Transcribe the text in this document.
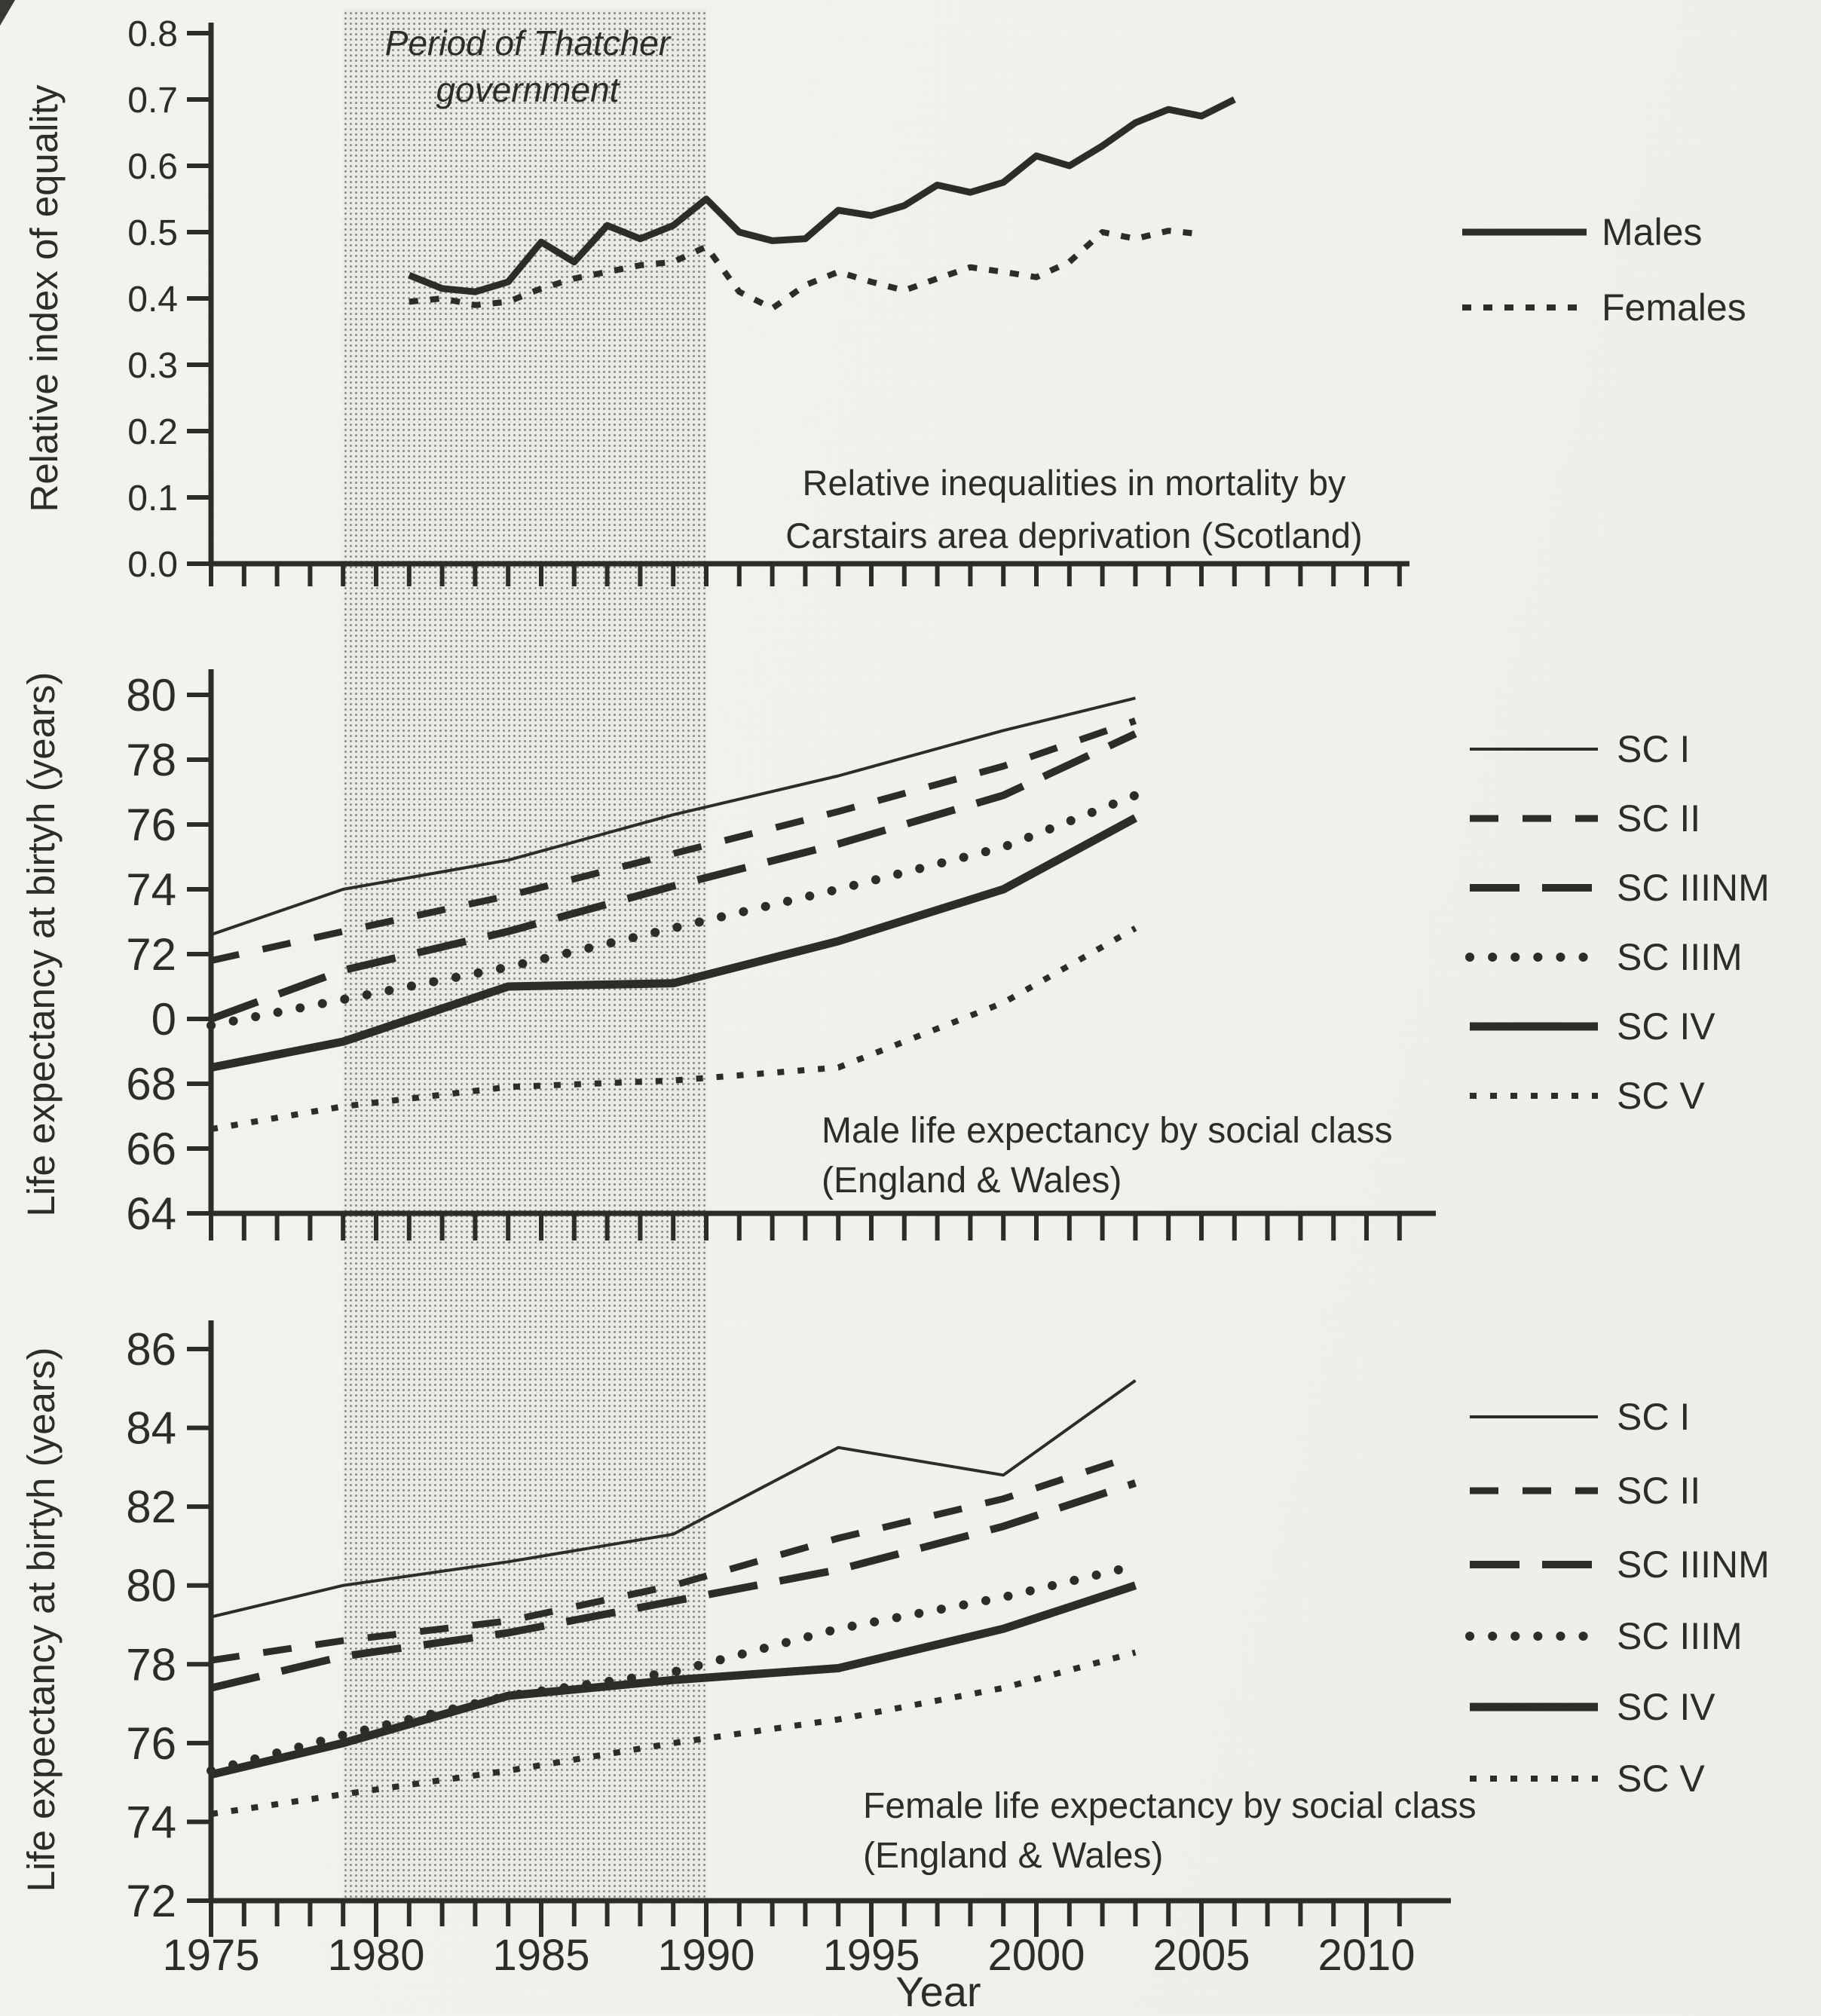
0.0
0.1
0.2
0.3
0.4
0.5
0.6
0.7
0.8
Males
Females
64
66
68
0
72
74
76
78
80
SC I
SC II
SC IIINM
SC IIIM
SC IV
SC V
72
74
76
78
80
82
84
86
1975 1980 1985 1990 1995 2000 2005 2010
SC I
SC II
SC IIINM
SC IIIM
SC IV
SC V
Period of Thatcher
government
Relative index of equality	Relative inequalities in mortality by
Carstairs area deprivation (Scotland)
Life expectancy at birtyh (years)	Male life expectancy by social class
(England & Wales)
Life expectancy at birtyh (years)	Female life expectancy by social class
(England & Wales)
Year
